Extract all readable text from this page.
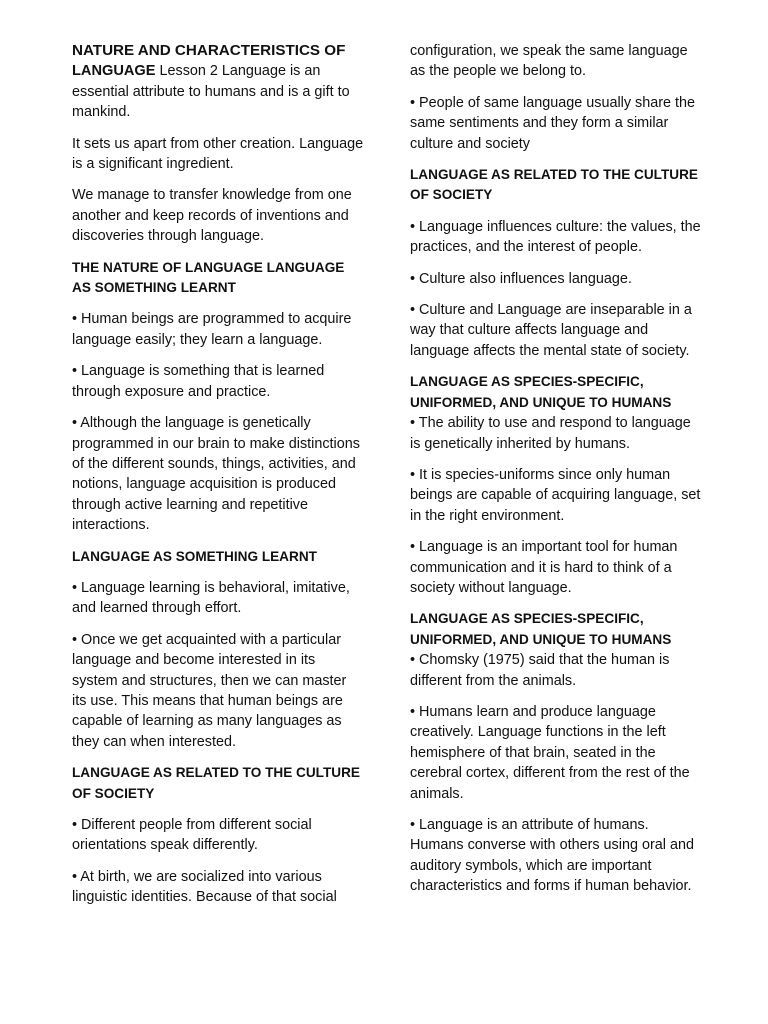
NATURE AND CHARACTERISTICS OF
LANGUAGE Lesson 2 Language is an essential attribute to humans and is a gift to mankind.

It sets us apart from other creation. Language is a significant ingredient.

We manage to transfer knowledge from one another and keep records of inventions and discoveries through language.

THE NATURE OF LANGUAGE LANGUAGE AS SOMETHING LEARNT

• Human beings are programmed to acquire language easily; they learn a language.

• Language is something that is learned through exposure and practice.

• Although the language is genetically programmed in our brain to make distinctions of the different sounds, things, activities, and notions, language acquisition is produced through active learning and repetitive interactions.

LANGUAGE AS SOMETHING LEARNT

• Language learning is behavioral, imitative, and learned through effort.

• Once we get acquainted with a particular language and become interested in its system and structures, then we can master its use. This means that human beings are capable of learning as many languages as they can when interested.

LANGUAGE AS RELATED TO THE CULTURE OF SOCIETY

• Different people from different social orientations speak differently.

• At birth, we are socialized into various linguistic identities. Because of that social

configuration, we speak the same language as the people we belong to.

• People of same language usually share the same sentiments and they form a similar culture and society

LANGUAGE AS RELATED TO THE CULTURE OF SOCIETY

• Language influences culture: the values, the practices, and the interest of people.

• Culture also influences language.

• Culture and Language are inseparable in a way that culture affects language and language affects the mental state of society.

LANGUAGE AS SPECIES-SPECIFIC, UNIFORMED, AND UNIQUE TO HUMANS

• The ability to use and respond to language is genetically inherited by humans.

• It is species-uniforms since only human beings are capable of acquiring language, set in the right environment.

• Language is an important tool for human communication and it is hard to think of a society without language.

LANGUAGE AS SPECIES-SPECIFIC, UNIFORMED, AND UNIQUE TO HUMANS

• Chomsky (1975) said that the human is different from the animals.

• Humans learn and produce language creatively. Language functions in the left hemisphere of that brain, seated in the cerebral cortex, different from the rest of the animals.

• Language is an attribute of humans. Humans converse with others using oral and auditory symbols, which are important characteristics and forms if human behavior.
